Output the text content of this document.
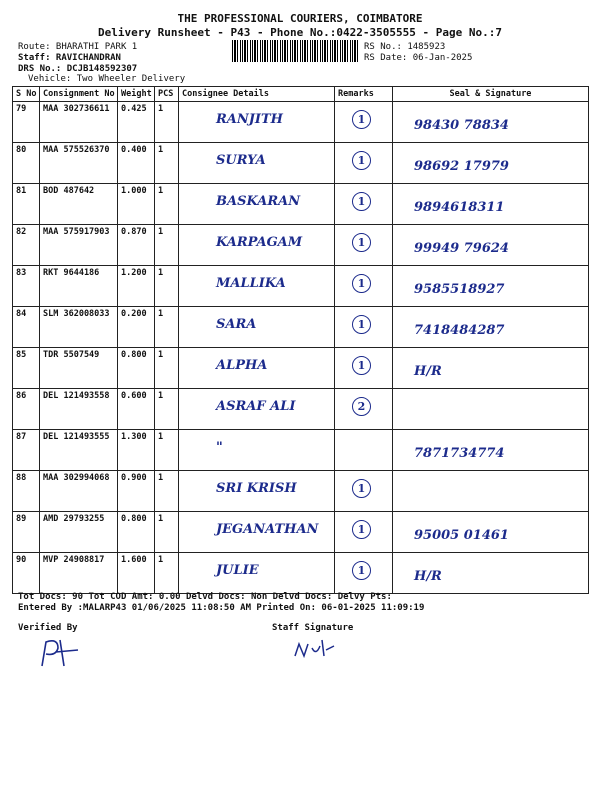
THE PROFESSIONAL COURIERS, COIMBATORE
Delivery Runsheet - P43 - Phone No.:0422-3505555 - Page No.:7
Route: BHARATHI PARK 1
Staff: RAVICHANDRAN
DRS No.: DCJB148592307
Vehicle: Two Wheeler Delivery
RS No.: 1485923
RS Date: 06-Jan-2025
S No	Consignment No	Weight	PCS	Consignee Details	Remarks	Seal & Signature
79	MAA 302736611	0.425	1	RANJITH	1	98430 78834

80	MAA 575526370	0.400	1	SURYA	1	98692 17979

81	BOD 487642	1.000	1	BASKARAN	1	9894618311

82	MAA 575917903	0.870	1	KARPAGAM	1	99949 79624

83	RKT 9644186	1.200	1	MALLIKA	1	9585518927

84	SLM 362008033	0.200	1	SARA	1	7418484287

85	TDR 5507549	0.800	1	ALPHA	1	H/R

86	DEL 121493558	0.600	1	ASRAF ALI	2	

87	DEL 121493555	1.300	1	"		7871734774

88	MAA 302994068	0.900	1	SRI KRISH	1	

89	AMD 29793255	0.800	1	JEGANATHAN	1	95005 01461

90	MVP 24908817	1.600	1	JULIE	1	H/R
Tot Docs: 90 Tot COD Amt: 0.00 Delvd Docs: Non Delvd Docs: Delvy Pts:
Entered By :MALARP43 01/06/2025 11:08:50 AM Printed On: 06-01-2025 11:09:19
Verified By	Staff Signature
